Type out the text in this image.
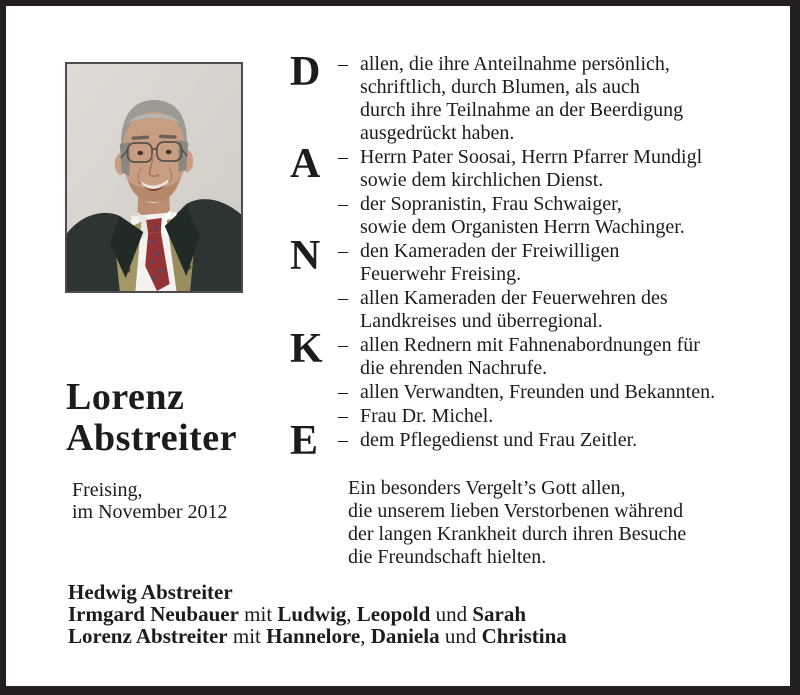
D
A
N
K
E
– allen, die ihre Anteilnahme persönlich,
schriftlich, durch Blumen, als auch
durch ihre Teilnahme an der Beerdigung
ausgedrückt haben.
– Herrn Pater Soosai, Herrn Pfarrer Mundigl
sowie dem kirchlichen Dienst.
– der Sopranistin, Frau Schwaiger,
sowie dem Organisten Herrn Wachinger.
– den Kameraden der Freiwilligen
Feuerwehr Freising.
– allen Kameraden der Feuerwehren des
Landkreises und überregional.
– allen Rednern mit Fahnenabordnungen für
die ehrenden Nachrufe.
– allen Verwandten, Freunden und Bekannten.
– Frau Dr. Michel.
– dem Pflegedienst und Frau Zeitler.
Ein besonders Vergelt’s Gott allen,
die unserem lieben Verstorbenen während
der langen Krankheit durch ihren Besuche
die Freundschaft hielten.
Lorenz
Abstreiter
Freising,
im November 2012
Hedwig Abstreiter
Irmgard Neubauer mit Ludwig, Leopold und Sarah
Lorenz Abstreiter mit Hannelore, Daniela und Christina
